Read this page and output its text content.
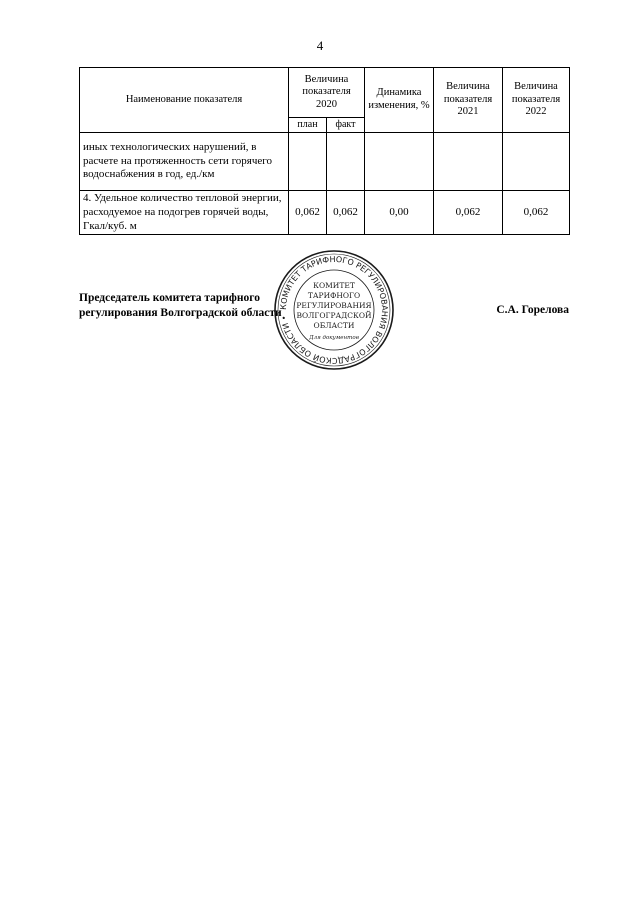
4
Наименование показателя	Величина показателя 2020		Динамика изменения, %	Величина показателя 2021	Величина показателя 2022
	план	факт			
иных технологических нарушений, в расчете на протяженность сети горячего водоснабжения в год, ед./км					
4. Удельное количество тепловой энергии, расходуемое на подогрев горячей воды, Гкал/куб. м	0,062	0,062	0,00	0,062	0,062
КОМИТЕТ ТАРИФНОГО РЕГУЛИРОВАНИЯ ВОЛГОГРАДСКОЙ ОБЛАСТИ •
КОМИТЕТ
ТАРИФНОГО
РЕГУЛИРОВАНИЯ
ВОЛГОГРАДСКОЙ
ОБЛАСТИ
Для документов
Председатель комитета тарифного
регулирования Волгоградской области	С.А. Горелова
